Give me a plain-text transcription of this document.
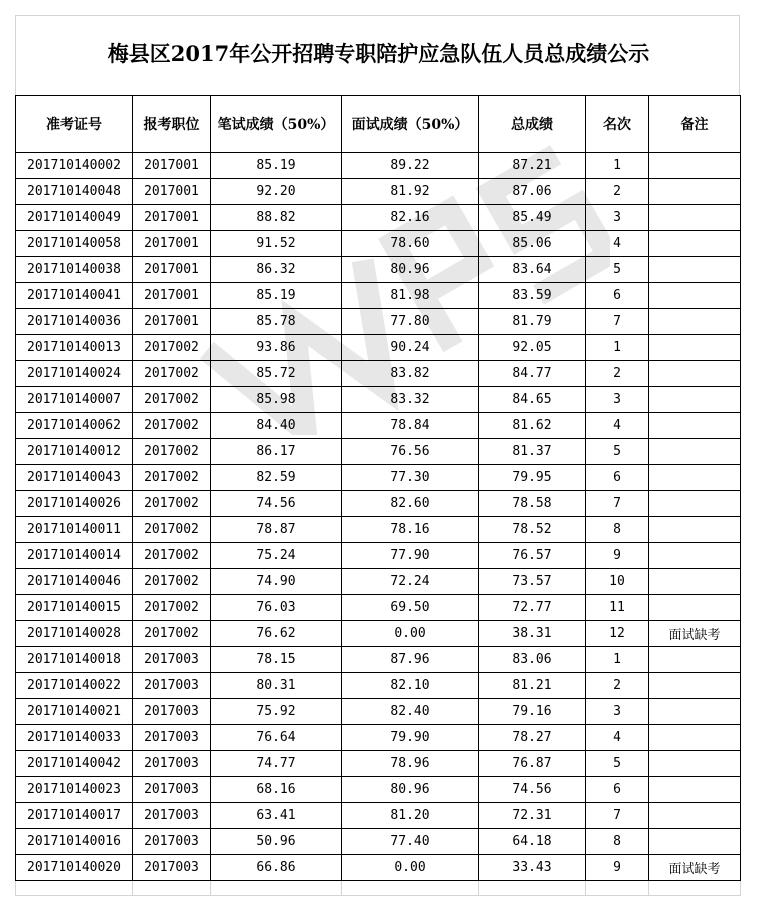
梅县区2017年公开招聘专职陪护应急队伍人员总成绩公示
准考证号	报考职位	笔试成绩（50%）	面试成绩（50%）	总成绩	名次	备注
201710140002	2017001	85.19	89.22	87.21	1	
201710140048	2017001	92.20	81.92	87.06	2	
201710140049	2017001	88.82	82.16	85.49	3	
201710140058	2017001	91.52	78.60	85.06	4	
201710140038	2017001	86.32	80.96	83.64	5	
201710140041	2017001	85.19	81.98	83.59	6	
201710140036	2017001	85.78	77.80	81.79	7	
201710140013	2017002	93.86	90.24	92.05	1	
201710140024	2017002	85.72	83.82	84.77	2	
201710140007	2017002	85.98	83.32	84.65	3	
201710140062	2017002	84.40	78.84	81.62	4	
201710140012	2017002	86.17	76.56	81.37	5	
201710140043	2017002	82.59	77.30	79.95	6	
201710140026	2017002	74.56	82.60	78.58	7	
201710140011	2017002	78.87	78.16	78.52	8	
201710140014	2017002	75.24	77.90	76.57	9	
201710140046	2017002	74.90	72.24	73.57	10	
201710140015	2017002	76.03	69.50	72.77	11	
201710140028	2017002	76.62	0.00	38.31	12	面试缺考
201710140018	2017003	78.15	87.96	83.06	1	
201710140022	2017003	80.31	82.10	81.21	2	
201710140021	2017003	75.92	82.40	79.16	3	
201710140033	2017003	76.64	79.90	78.27	4	
201710140042	2017003	74.77	78.96	76.87	5	
201710140023	2017003	68.16	80.96	74.56	6	
201710140017	2017003	63.41	81.20	72.31	7	
201710140016	2017003	50.96	77.40	64.18	8	
201710140020	2017003	66.86	0.00	33.43	9	面试缺考
